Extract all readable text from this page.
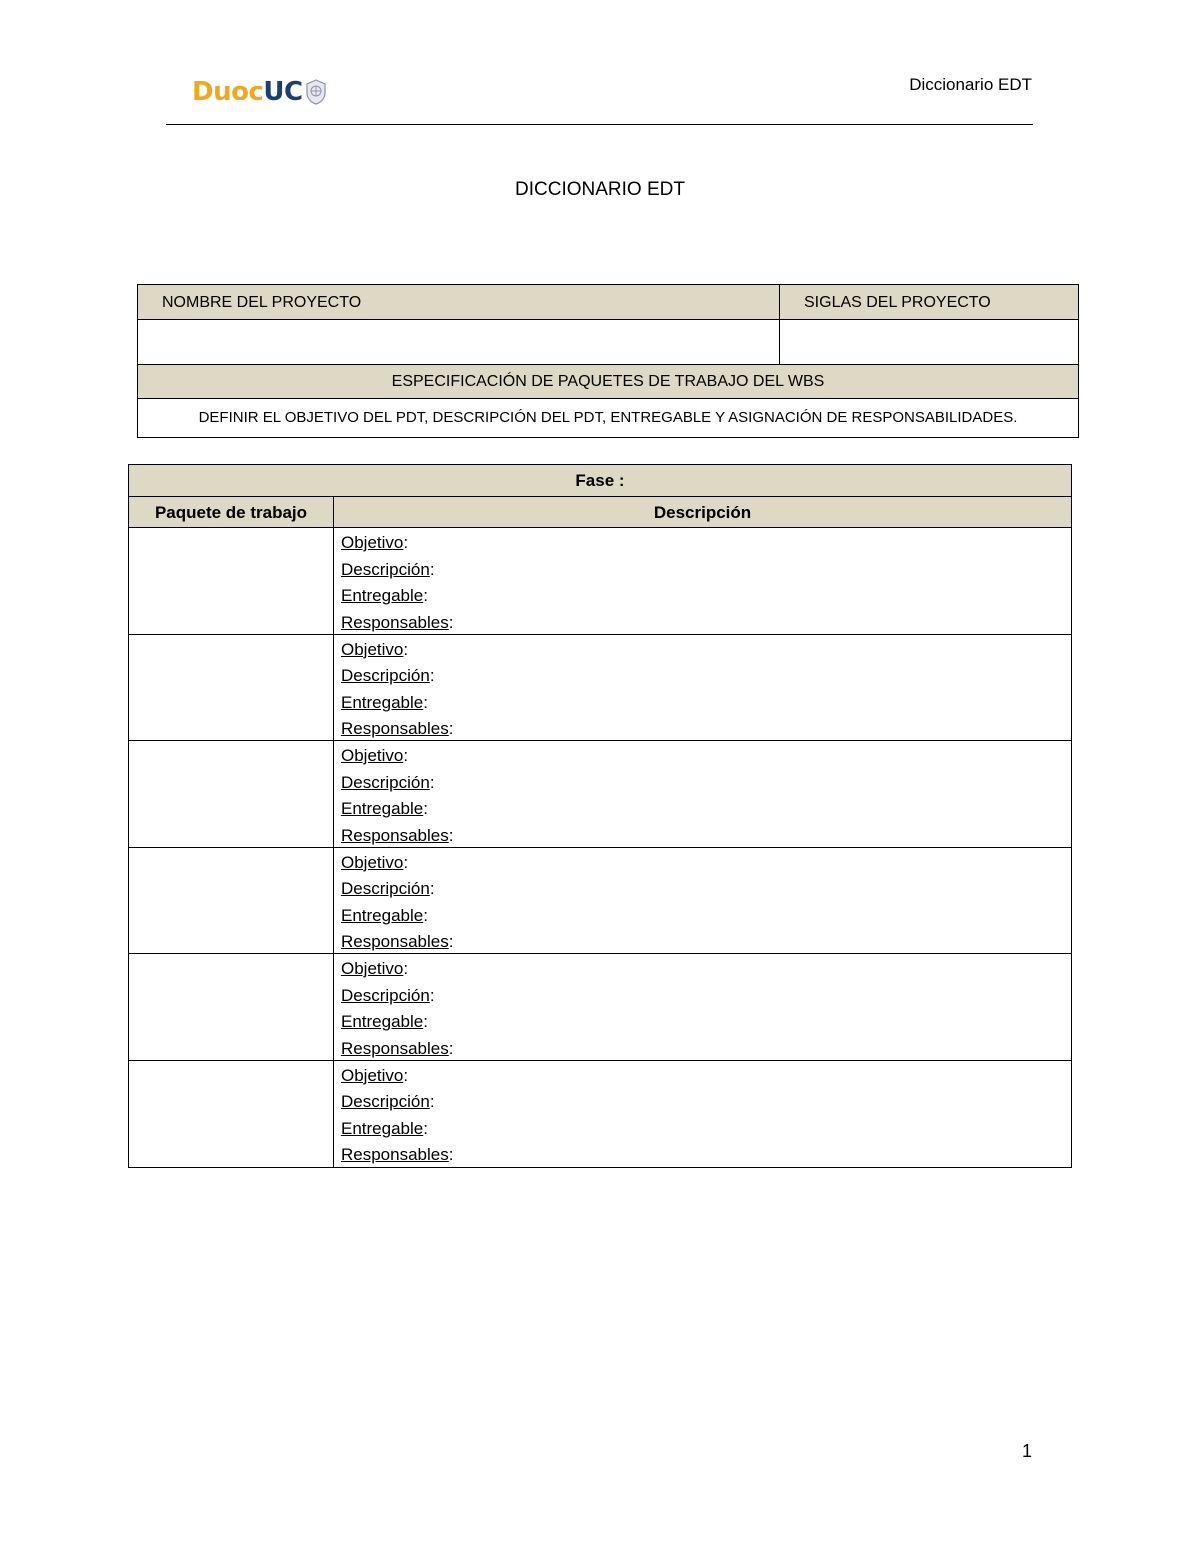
Duoc UC	Diccionario EDT
DICCIONARIO EDT
NOMBRE DEL PROYECTO	SIGLAS DEL PROYECTO
ESPECIFICACIÓN DE PAQUETES DE TRABAJO DEL WBS
DEFINIR EL OBJETIVO DEL PDT, DESCRIPCIÓN DEL PDT, ENTREGABLE Y ASIGNACIÓN DE RESPONSABILIDADES.
Fase :
Paquete de trabajo	Descripción
Objetivo:
Descripción:
Entregable:
Responsables:
Objetivo:
Descripción:
Entregable:
Responsables:
Objetivo:
Descripción:
Entregable:
Responsables:
Objetivo:
Descripción:
Entregable:
Responsables:
Objetivo:
Descripción:
Entregable:
Responsables:
Objetivo:
Descripción:
Entregable:
Responsables:
1
